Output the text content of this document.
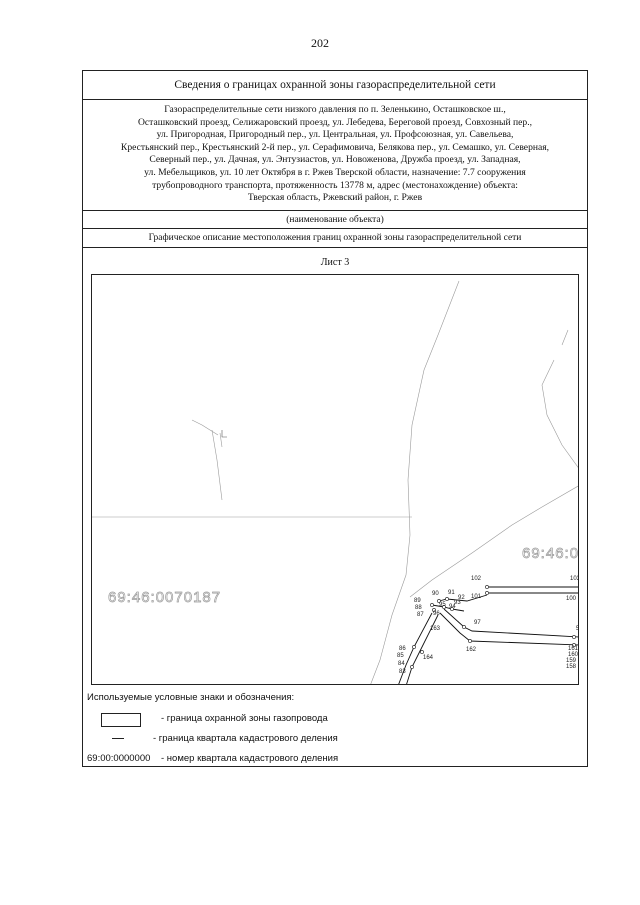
202
Сведения о границах охранной зоны газораспределительной сети
Газораспределительные сети низкого давления по п. Зеленькино, Осташковское ш.,
Осташковский проезд, Селижаровский проезд, ул. Лебедева, Береговой проезд, Совхозный пер.,
ул. Пригородная, Пригородный пер., ул. Центральная, ул. Профсоюзная, ул. Савельева,
Крестьянский пер., Крестьянский 2-й пер., ул. Серафимовича, Белякова пер., ул. Семашко, ул. Северная,
Северный пер., ул. Дачная, ул. Энтузиастов, ул. Новоженова, Дружба проезд, ул. Западная,
ул. Мебельщиков, ул. 10 лет Октября в г. Ржев Тверской области, назначение: 7.7 сооружения
трубопроводного транспорта, протяженность 13778 м, адрес (местонахождение) объекта:
Тверская область, Ржевский район, г. Ржев
(наименование объекта)
Графическое описание местоположения границ охранной зоны газораспределительной сети
Лист 3
69:46:0070187
69:46:0
102	103
101	100
90 91
89	92
93
88	95 94
87 96
163
97
5
162	161
160
159
158
86
85	164
84
83
Используемые условные знаки и обозначения:
- граница охранной зоны газопровода
- граница квартала кадастрового деления
69:00:0000000 - номер квартала кадастрового деления
